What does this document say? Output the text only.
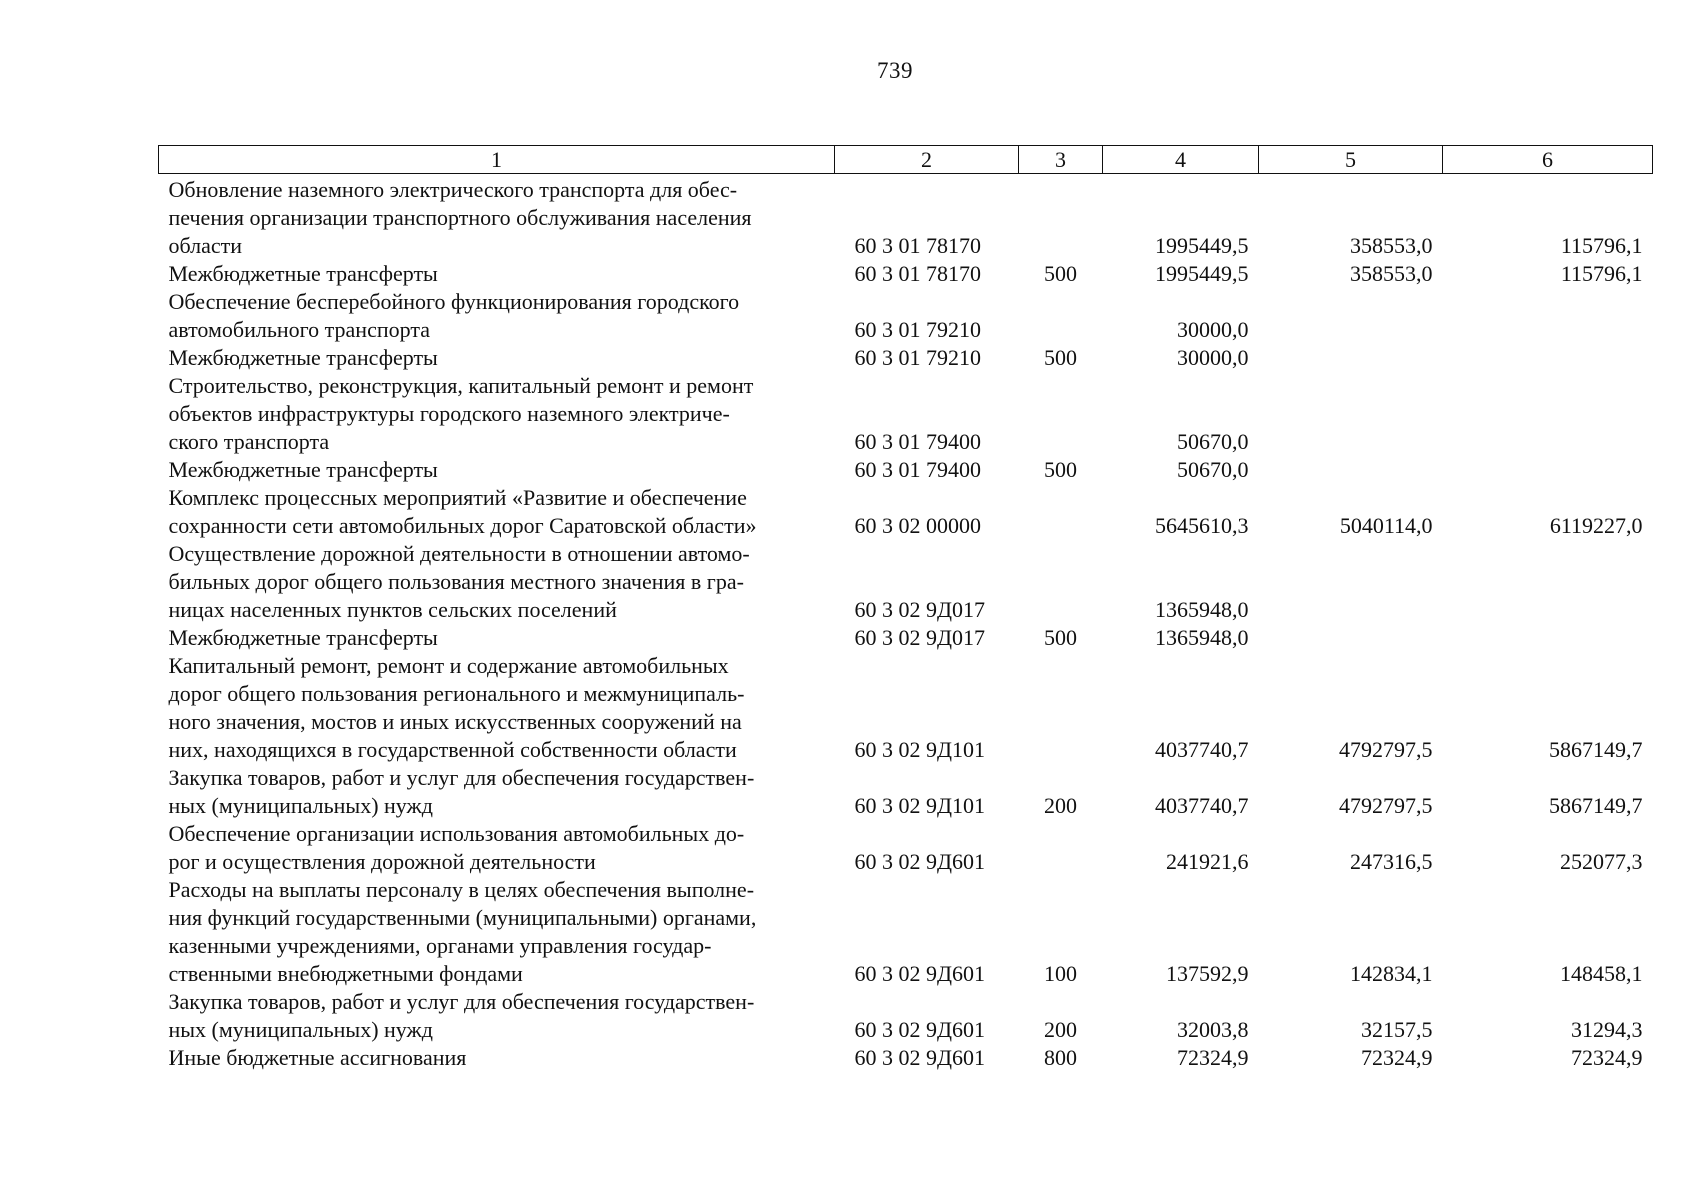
739
1	2	3	4	5	6

Обновление наземного электрического транспорта для обес-
печения организации транспортного обслуживания населения
области	60 3 01 78170		1995449,5	358553,0	115796,1

Межбюджетные трансферты	60 3 01 78170	500	1995449,5	358553,0	115796,1

Обеспечение бесперебойного функционирования городского
автомобильного транспорта	60 3 01 79210		30000,0		

Межбюджетные трансферты	60 3 01 79210	500	30000,0		

Строительство, реконструкция, капитальный ремонт и ремонт
объектов инфраструктуры городского наземного электриче-
ского транспорта	60 3 01 79400		50670,0		

Межбюджетные трансферты	60 3 01 79400	500	50670,0		

Комплекс процессных мероприятий «Развитие и обеспечение
сохранности сети автомобильных дорог Саратовской области»	60 3 02 00000		5645610,3	5040114,0	6119227,0

Осуществление дорожной деятельности в отношении автомо-
бильных дорог общего пользования местного значения в гра-
ницах населенных пунктов сельских поселений	60 3 02 9Д017		1365948,0		

Межбюджетные трансферты	60 3 02 9Д017	500	1365948,0		

Капитальный ремонт, ремонт и содержание автомобильных
дорог общего пользования регионального и межмуниципаль-
ного значения, мостов и иных искусственных сооружений на
них, находящихся в государственной собственности области	60 3 02 9Д101		4037740,7	4792797,5	5867149,7

Закупка товаров, работ и услуг для обеспечения государствен-
ных (муниципальных) нужд	60 3 02 9Д101	200	4037740,7	4792797,5	5867149,7

Обеспечение организации использования автомобильных до-
рог и осуществления дорожной деятельности	60 3 02 9Д601		241921,6	247316,5	252077,3

Расходы на выплаты персоналу в целях обеспечения выполне-
ния функций государственными (муниципальными) органами,
казенными учреждениями, органами управления государ-
ственными внебюджетными фондами	60 3 02 9Д601	100	137592,9	142834,1	148458,1

Закупка товаров, работ и услуг для обеспечения государствен-
ных (муниципальных) нужд	60 3 02 9Д601	200	32003,8	32157,5	31294,3

Иные бюджетные ассигнования	60 3 02 9Д601	800	72324,9	72324,9	72324,9
